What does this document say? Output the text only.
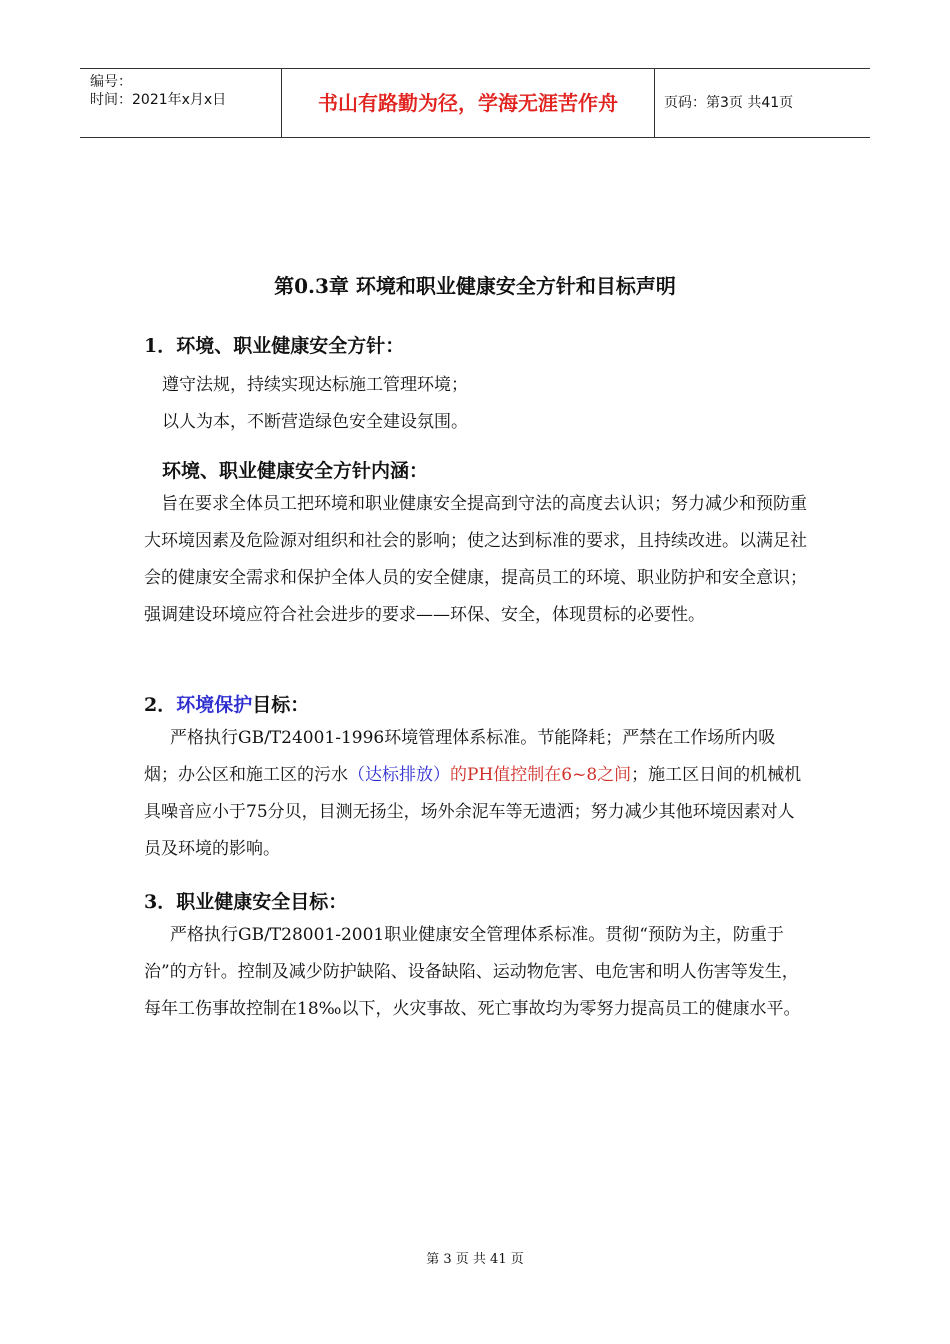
编号：
时间：2021年x月x日	书山有路勤为径，学海无涯苦作舟	页码：第3页 共41页
第0.3章 环境和职业健康安全方针和目标声明
1．环境、职业健康安全方针：
遵守法规，持续实现达标施工管理环境；
以人为本，不断营造绿色安全建设氛围。
环境、职业健康安全方针内涵：
旨在要求全体员工把环境和职业健康安全提高到守法的高度去认识；努力减少和预防重大环境因素及危险源对组织和社会的影响；使之达到标准的要求，且持续改进。以满足社会的健康安全需求和保护全体人员的安全健康，提高员工的环境、职业防护和安全意识；强调建设环境应符合社会进步的要求——环保、安全，体现贯标的必要性。
2．环境保护目标：
严格执行GB/T24001-1996环境管理体系标准。节能降耗；严禁在工作场所内吸烟；办公区和施工区的污水（达标排放）的PH值控制在6~8之间；施工区日间的机械机具噪音应小于75分贝，目测无扬尘，场外余泥车等无遗洒；努力减少其他环境因素对人员及环境的影响。
3．职业健康安全目标：
严格执行GB/T28001-2001职业健康安全管理体系标准。贯彻“预防为主，防重于治”的方针。控制及减少防护缺陷、设备缺陷、运动物危害、电危害和明人伤害等发生，每年工伤事故控制在18‰以下，火灾事故、死亡事故均为零努力提高员工的健康水平。
第 3 页 共 41 页
